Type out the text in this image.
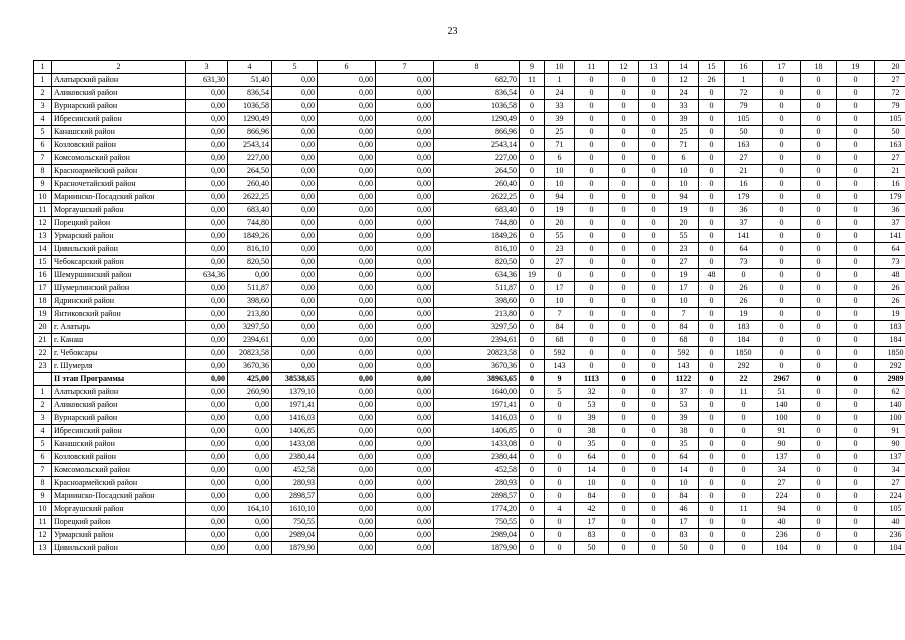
23
1	2	3	4	5	6	7	8	9	10	11	12	13	14	15	16	17	18	19	20
1	Алатырский район	631,30	51,40	0,00	0,00	0,00	682,70	11	1	0	0	0	12	26	1	0	0	0	27
2	Аликовский район	0,00	836,54	0,00	0,00	0,00	836,54	0	24	0	0	0	24	0	72	0	0	0	72
3	Вурнарский район	0,00	1036,58	0,00	0,00	0,00	1036,58	0	33	0	0	0	33	0	79	0	0	0	79
4	Ибресинский район	0,00	1290,49	0,00	0,00	0,00	1290,49	0	39	0	0	0	39	0	105	0	0	0	105
5	Канашский район	0,00	866,96	0,00	0,00	0,00	866,96	0	25	0	0	0	25	0	50	0	0	0	50
6	Козловский район	0,00	2543,14	0,00	0,00	0,00	2543,14	0	71	0	0	0	71	0	163	0	0	0	163
7	Комсомольский район	0,00	227,00	0,00	0,00	0,00	227,00	0	6	0	0	0	6	0	27	0	0	0	27
8	Красноармейский район	0,00	264,50	0,00	0,00	0,00	264,50	0	10	0	0	0	10	0	21	0	0	0	21
9	Красночетайский район	0,00	260,40	0,00	0,00	0,00	260,40	0	10	0	0	0	10	0	16	0	0	0	16
10	Мариинско-Посадский район	0,00	2622,25	0,00	0,00	0,00	2622,25	0	94	0	0	0	94	0	179	0	0	0	179
11	Моргаушский район	0,00	683,40	0,00	0,00	0,00	683,40	0	19	0	0	0	19	0	36	0	0	0	36
12	Порецкий район	0,00	744,80	0,00	0,00	0,00	744,80	0	20	0	0	0	20	0	37	0	0	0	37
13	Урмарский район	0,00	1849,26	0,00	0,00	0,00	1849,26	0	55	0	0	0	55	0	141	0	0	0	141
14	Цивильский район	0,00	816,10	0,00	0,00	0,00	816,10	0	23	0	0	0	23	0	64	0	0	0	64
15	Чебоксарский район	0,00	820,50	0,00	0,00	0,00	820,50	0	27	0	0	0	27	0	73	0	0	0	73
16	Шемуршинский район	634,36	0,00	0,00	0,00	0,00	634,36	19	0	0	0	0	19	48	0	0	0	0	48
17	Шумерлинский район	0,00	511,87	0,00	0,00	0,00	511,87	0	17	0	0	0	17	0	26	0	0	0	26
18	Ядринский район	0,00	398,60	0,00	0,00	0,00	398,60	0	10	0	0	0	10	0	26	0	0	0	26
19	Янтиковский район	0,00	213,80	0,00	0,00	0,00	213,80	0	7	0	0	0	7	0	19	0	0	0	19
20	г. Алатырь	0,00	3297,50	0,00	0,00	0,00	3297,50	0	84	0	0	0	84	0	183	0	0	0	183
21	г. Канаш	0,00	2394,61	0,00	0,00	0,00	2394,61	0	68	0	0	0	68	0	184	0	0	0	184
22	г. Чебоксары	0,00	20823,58	0,00	0,00	0,00	20823,58	0	592	0	0	0	592	0	1850	0	0	0	1850
23	г. Шумерля	0,00	3670,36	0,00	0,00	0,00	3670,36	0	143	0	0	0	143	0	292	0	0	0	292
	II этап Программы	0,00	425,00	38538,65	0,00	0,00	38963,65	0	9	1113	0	0	1122	0	22	2967	0	0	2989
1	Алатырский район	0,00	260,90	1379,10	0,00	0,00	1640,00	0	5	32	0	0	37	0	11	51	0	0	62
2	Аликовский район	0,00	0,00	1971,41	0,00	0,00	1971,41	0	0	53	0	0	53	0	0	140	0	0	140
3	Вурнарский район	0,00	0,00	1416,03	0,00	0,00	1416,03	0	0	39	0	0	39	0	0	100	0	0	100
4	Ибресинский район	0,00	0,00	1406,85	0,00	0,00	1406,85	0	0	38	0	0	38	0	0	91	0	0	91
5	Канашский район	0,00	0,00	1433,08	0,00	0,00	1433,08	0	0	35	0	0	35	0	0	90	0	0	90
6	Козловский район	0,00	0,00	2380,44	0,00	0,00	2380,44	0	0	64	0	0	64	0	0	137	0	0	137
7	Комсомольский район	0,00	0,00	452,58	0,00	0,00	452,58	0	0	14	0	0	14	0	0	34	0	0	34
8	Красноармейский район	0,00	0,00	280,93	0,00	0,00	280,93	0	0	10	0	0	10	0	0	27	0	0	27
9	Мариинско-Посадский район	0,00	0,00	2898,57	0,00	0,00	2898,57	0	0	84	0	0	84	0	0	224	0	0	224
10	Моргаушский район	0,00	164,10	1610,10	0,00	0,00	1774,20	0	4	42	0	0	46	0	11	94	0	0	105
11	Порецкий район	0,00	0,00	750,55	0,00	0,00	750,55	0	0	17	0	0	17	0	0	40	0	0	40
12	Урмарский район	0,00	0,00	2989,04	0,00	0,00	2989,04	0	0	83	0	0	83	0	0	236	0	0	236
13	Цивильский район	0,00	0,00	1879,90	0,00	0,00	1879,90	0	0	50	0	0	50	0	0	104	0	0	104
